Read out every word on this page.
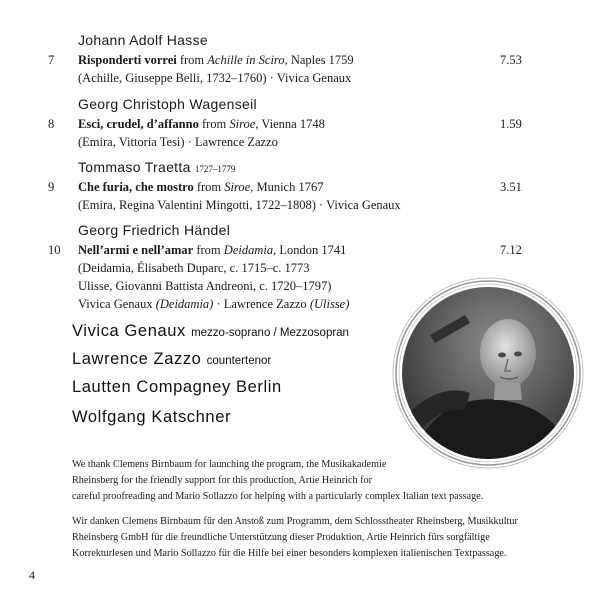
Johann Adolf Hasse
7 Risponderti vorrei from Achille in Sciro, Naples 1759	7.53
(Achille, Giuseppe Belli, 1732–1760) · Vivica Genaux
Georg Christoph Wagenseil
8 Esci, crudel, d’affanno from Siroe, Vienna 1748	1.59
(Emira, Vittoria Tesi) · Lawrence Zazzo
Tommaso Traetta 1727–1779
9 Che furia, che mostro from Siroe, Munich 1767	3.51
(Emira, Regina Valentini Mingotti, 1722–1808) · Vivica Genaux
Georg Friedrich Händel
10 Nell’armi e nell’amar from Deidamia, London 1741	7.12
(Deidamia, Élisabeth Duparc, c. 1715–c. 1773
Ulisse, Giovanni Battista Andreoni, c. 1720–1797)
Vivica Genaux (Deidamia) · Lawrence Zazzo (Ulisse)
Vivica Genaux mezzo-soprano / Mezzosopran
Lawrence Zazzo countertenor
Lautten Compagney Berlin
Wolfgang Katschner
We thank Clemens Birnbaum for launching the program, the Musikakademie
Rheinsberg for the friendly support for this production, Artie Heinrich for
careful proofreading and Mario Sollazzo for helping with a particularly complex Italian text passage.
Wir danken Clemens Birnbaum für den Anstoß zum Programm, dem Schlosstheater Rheinsberg, Musikkultur
Rheinsberg GmbH für die freundliche Unterstützung dieser Produktion, Artie Heinrich fürs sorgfältige
Korrekturlesen und Mario Sollazzo für die Hilfe bei einer besonders komplexen italienischen Textpassage.
4
